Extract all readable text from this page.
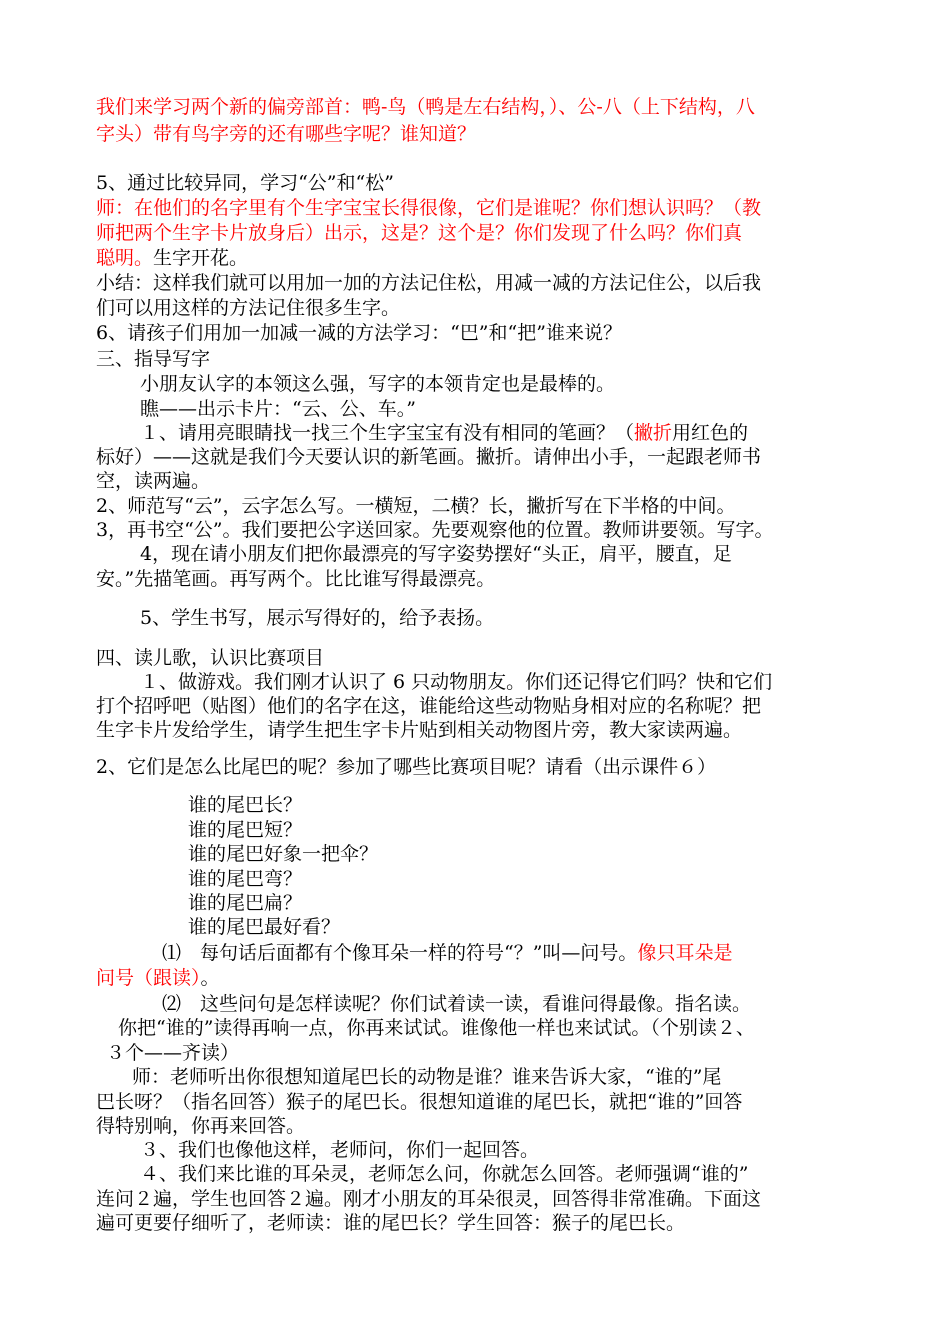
我们来学习两个新的偏旁部首：鸭-鸟（鸭是左右结构，）、公-八（上下结构，八

字头）带有鸟字旁的还有哪些字呢？谁知道？

5、通过比较异同，学习“公”和“松”

师：在他们的名字里有个生字宝宝长得很像，它们是谁呢？你们想认识吗？（教

师把两个生字卡片放身后）出示，这是？这个是？你们发现了什么吗？你们真

聪明。生字开花。

小结：这样我们就可以用加一加的方法记住松，用减一减的方法记住公，以后我

们可以用这样的方法记住很多生字。

6、请孩子们用加一加减一减的方法学习：“巴”和“把”谁来说？

三、指导写字

小朋友认字的本领这么强，写字的本领肯定也是最棒的。

瞧——出示卡片：“云、公、车。”

１、请用亮眼睛找一找三个生字宝宝有没有相同的笔画？（撇折用红色的

标好）——这就是我们今天要认识的新笔画。撇折。请伸出小手，一起跟老师书

空，读两遍。

2、师范写“云”，云字怎么写。一横短，二横？长，撇折写在下半格的中间。

3，再书空“公”。我们要把公字送回家。先要观察他的位置。教师讲要领。写字。

4，现在请小朋友们把你最漂亮的写字姿势摆好“头正，肩平，腰直，足

安。”先描笔画。再写两个。比比谁写得最漂亮。

5、学生书写，展示写得好的，给予表扬。

四、读儿歌，认识比赛项目

１、做游戏。我们刚才认识了 6 只动物朋友。你们还记得它们吗？快和它们

打个招呼吧（贴图）他们的名字在这，谁能给这些动物贴身相对应的名称呢？把

生字卡片发给学生，请学生把生字卡片贴到相关动物图片旁，教大家读两遍。

2、它们是怎么比尾巴的呢？参加了哪些比赛项目呢？请看（出示课件６）

谁的尾巴长？

谁的尾巴短？

谁的尾巴好象一把伞？

谁的尾巴弯？

谁的尾巴扁？

谁的尾巴最好看？

⑴　每句话后面都有个像耳朵一样的符号“？”叫—问号。像只耳朵是

问号（跟读）。

⑵　这些问句是怎样读呢？你们试着读一读，看谁问得最像。指名读。

你把“谁的”读得再响一点，你再来试试。谁像他一样也来试试。（个别读２、

３个——齐读）

师：老师听出你很想知道尾巴长的动物是谁？谁来告诉大家，“谁的”尾

巴长呀？（指名回答）猴子的尾巴长。很想知道谁的尾巴长，就把“谁的”回答

得特别响，你再来回答。

３、我们也像他这样，老师问，你们一起回答。

４、我们来比谁的耳朵灵，老师怎么问，你就怎么回答。老师强调“谁的”

连问２遍，学生也回答２遍。刚才小朋友的耳朵很灵，回答得非常准确。下面这

遍可更要仔细听了，老师读：谁的尾巴长？学生回答：猴子的尾巴长。
